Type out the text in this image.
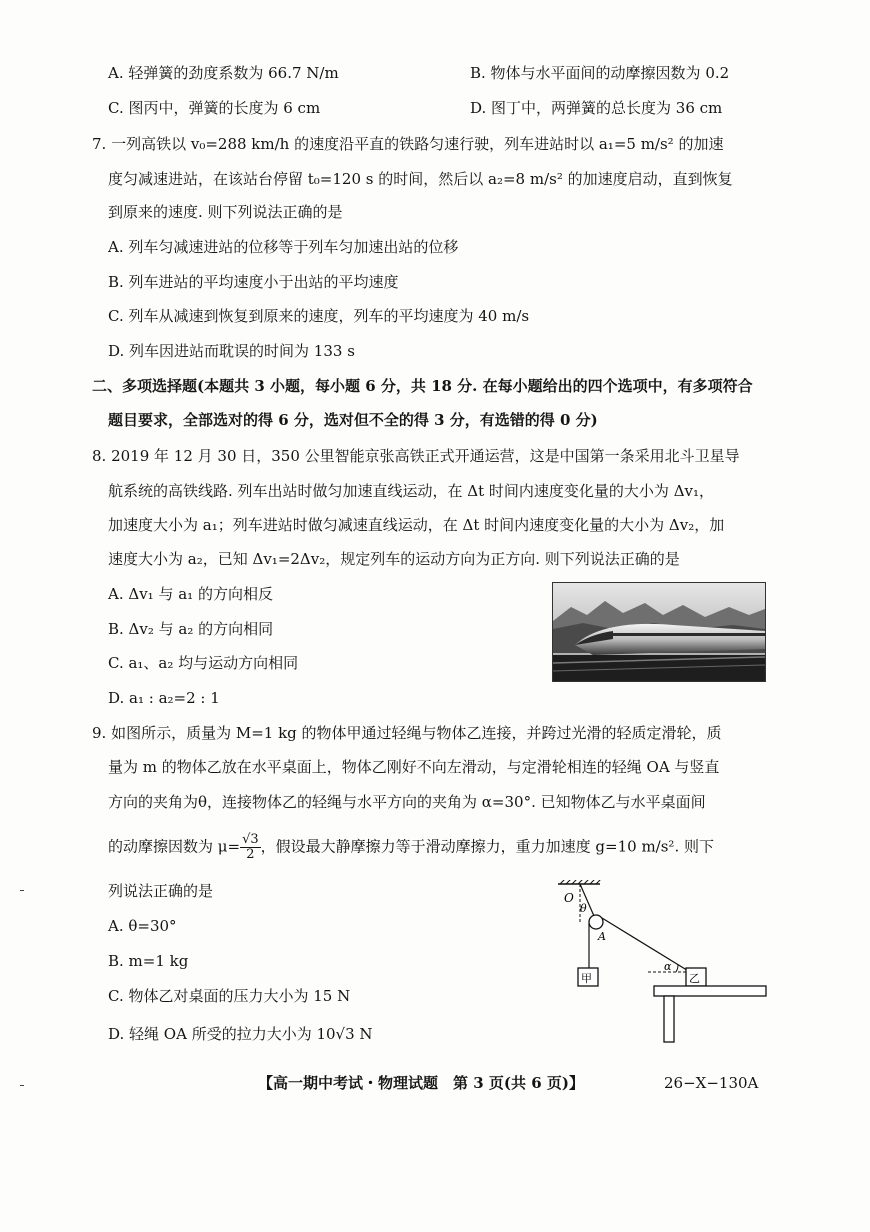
A. 轻弹簧的劲度系数为 66.7 N/m	B. 物体与水平面间的动摩擦因数为 0.2
C. 图丙中，弹簧的长度为 6 cm	D. 图丁中，两弹簧的总长度为 36 cm
7. 一列高铁以 v₀=288 km/h 的速度沿平直的铁路匀速行驶，列车进站时以 a₁=5 m/s² 的加速
度匀减速进站，在该站台停留 t₀=120 s 的时间，然后以 a₂=8 m/s² 的加速度启动，直到恢复
到原来的速度. 则下列说法正确的是
A. 列车匀减速进站的位移等于列车匀加速出站的位移
B. 列车进站的平均速度小于出站的平均速度
C. 列车从减速到恢复到原来的速度，列车的平均速度为 40 m/s
D. 列车因进站而耽误的时间为 133 s
二、多项选择题(本题共 3 小题，每小题 6 分，共 18 分. 在每小题给出的四个选项中，有多项符合
题目要求，全部选对的得 6 分，选对但不全的得 3 分，有选错的得 0 分)
8. 2019 年 12 月 30 日，350 公里智能京张高铁正式开通运营，这是中国第一条采用北斗卫星导
航系统的高铁线路. 列车出站时做匀加速直线运动，在 Δt 时间内速度变化量的大小为 Δv₁，
加速度大小为 a₁；列车进站时做匀减速直线运动，在 Δt 时间内速度变化量的大小为 Δv₂，加
速度大小为 a₂，已知 Δv₁=2Δv₂，规定列车的运动方向为正方向. 则下列说法正确的是
A. Δv₁ 与 a₁ 的方向相反
B. Δv₂ 与 a₂ 的方向相同
C. a₁、a₂ 均与运动方向相同
D. a₁ : a₂=2 : 1
9. 如图所示，质量为 M=1 kg 的物体甲通过轻绳与物体乙连接，并跨过光滑的轻质定滑轮，质
量为 m 的物体乙放在水平桌面上，物体乙刚好不向左滑动，与定滑轮相连的轻绳 OA 与竖直
方向的夹角为θ，连接物体乙的轻绳与水平方向的夹角为 α=30°. 已知物体乙与水平桌面间
的动摩擦因数为 $\mu= \frac{√3}{2}$ ，假设最大静摩擦力等于滑动摩擦力，重力加速度 g=10 m/s². 则下
列说法正确的是
A. θ=30°
B. m=1 kg
C. 物体乙对桌面的压力大小为 15 N
D. 轻绳 OA 所受的拉力大小为 10√3 N
O
θ
A
甲
α
乙
【高一期中考试・物理试题　第 3 页(共 6 页)】	26−X−130A
